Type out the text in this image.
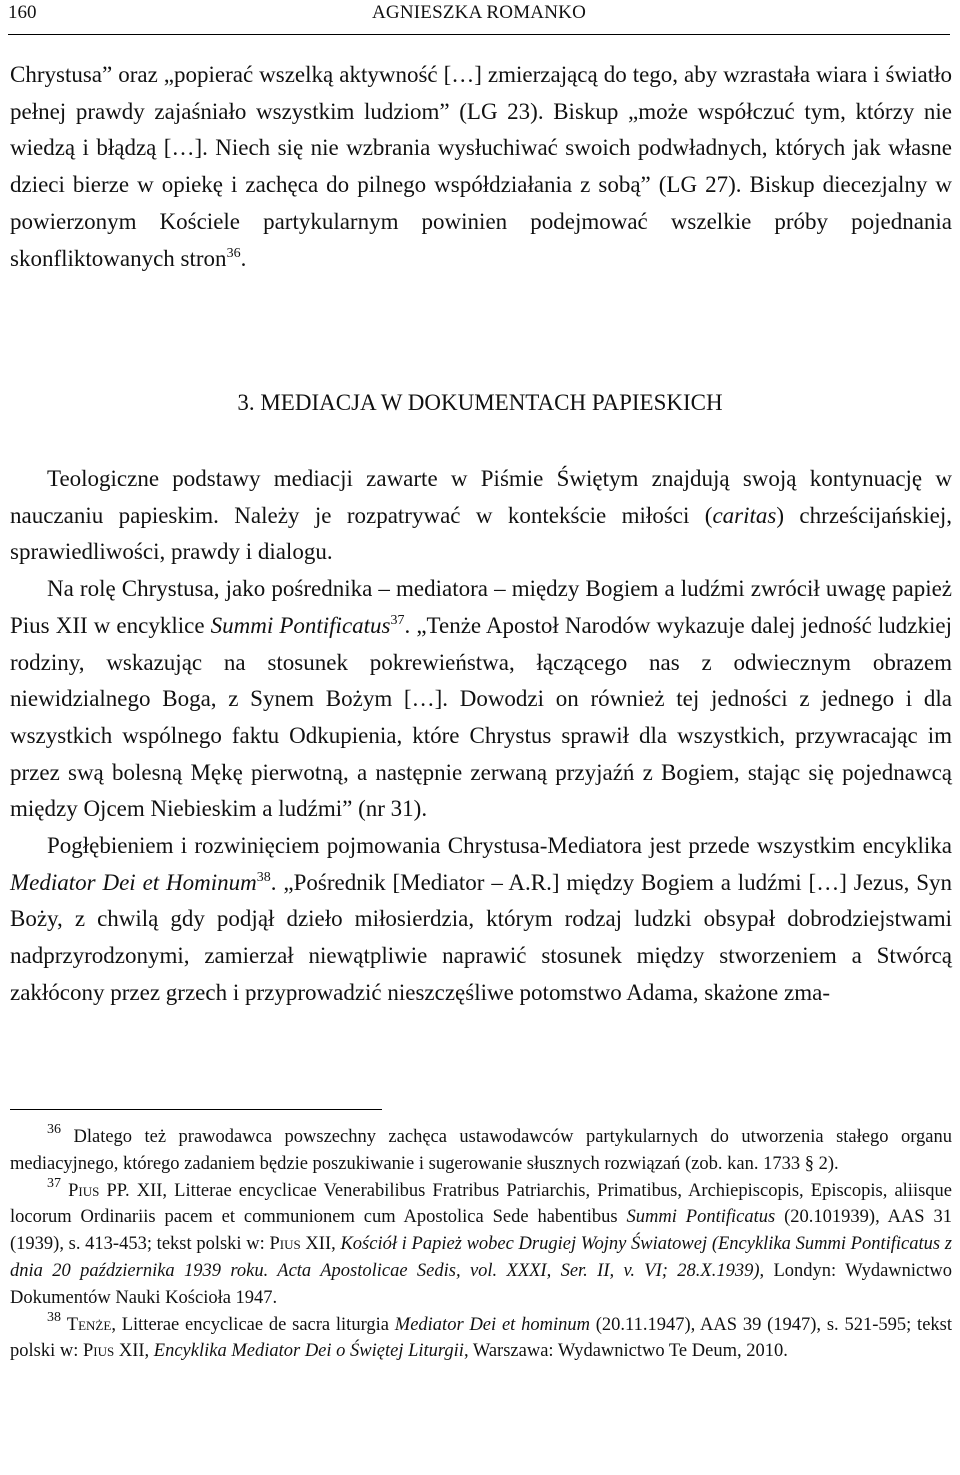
160	AGNIESZKA ROMANKO

Chrystusa” oraz „popierać wszelką aktywność […] zmierzającą do tego, aby wzrastała wiara i światło pełnej prawdy zajaśniało wszystkim ludziom” (LG 23). Biskup „może współczuć tym, którzy nie wiedzą i błądzą […]. Niech się nie wzbrania wysłuchiwać swoich podwładnych, których jak własne dzieci bierze w opiekę i zachęca do pilnego współdziałania z sobą” (LG 27). Biskup diecezjalny w powierzonym Kościele partykularnym powinien podejmować wszelkie próby pojednania skonfliktowanych stron$^{36}$.

3. MEDIACJA W DOKUMENTACH PAPIESKICH

Teologiczne podstawy mediacji zawarte w Piśmie Świętym znajdują swoją kontynuację w nauczaniu papieskim. Należy je rozpatrywać w kontekście miłości (caritas) chrześcijańskiej, sprawiedliwości, prawdy i dialogu.

Na rolę Chrystusa, jako pośrednika – mediatora – między Bogiem a ludźmi zwrócił uwagę papież Pius XII w encyklice Summi Pontificatus$^{37}$. „Tenże Apostoł Narodów wykazuje dalej jedność ludzkiej rodziny, wskazując na stosunek pokrewieństwa, łączącego nas z odwiecznym obrazem niewidzialnego Boga, z Synem Bożym […]. Dowodzi on również tej jedności z jednego i dla wszystkich wspólnego faktu Odkupienia, które Chrystus sprawił dla wszystkich, przywracając im przez swą bolesną Mękę pierwotną, a następnie zerwaną przyjaźń z Bogiem, stając się pojednawcą między Ojcem Niebieskim a ludźmi” (nr 31).

Pogłębieniem i rozwinięciem pojmowania Chrystusa-Mediatora jest przede wszystkim encyklika Mediator Dei et Hominum$^{38}$. „Pośrednik [Mediator – A.R.] między Bogiem a ludźmi […] Jezus, Syn Boży, z chwilą gdy podjął dzieło miłosierdzia, którym rodzaj ludzki obsypał dobrodziejstwami nadprzyrodzonymi, zamierzał niewątpliwie naprawić stosunek między stworzeniem a Stwórcą zakłócony przez grzech i przyprowadzić nieszczęśliwe potomstwo Adama, skażone zma-

$^{36}$ Dlatego też prawodawca powszechny zachęca ustawodawców partykularnych do utworzenia stałego organu mediacyjnego, którego zadaniem będzie poszukiwanie i sugerowanie słusznych rozwiązań (zob. kan. 1733 § 2).

$^{37}$ Pius PP. XII, Litterae encyclicae Venerabilibus Fratribus Patriarchis, Primatibus, Archiepiscopis, Episcopis, aliisque locorum Ordinariis pacem et communionem cum Apostolica Sede habentibus Summi Pontificatus (20.101939), AAS 31 (1939), s. 413-453; tekst polski w: Pius XII, Kościół i Papież wobec Drugiej Wojny Światowej (Encyklika Summi Pontificatus z dnia 20 października 1939 roku. Acta Apostolicae Sedis, vol. XXXI, Ser. II, v. VI; 28.X.1939), Londyn: Wydawnictwo Dokumentów Nauki Kościoła 1947.

$^{38}$ Tenże, Litterae encyclicae de sacra liturgia Mediator Dei et hominum (20.11.1947), AAS 39 (1947), s. 521-595; tekst polski w: Pius XII, Encyklika Mediator Dei o Świętej Liturgii, Warszawa: Wydawnictwo Te Deum, 2010.
